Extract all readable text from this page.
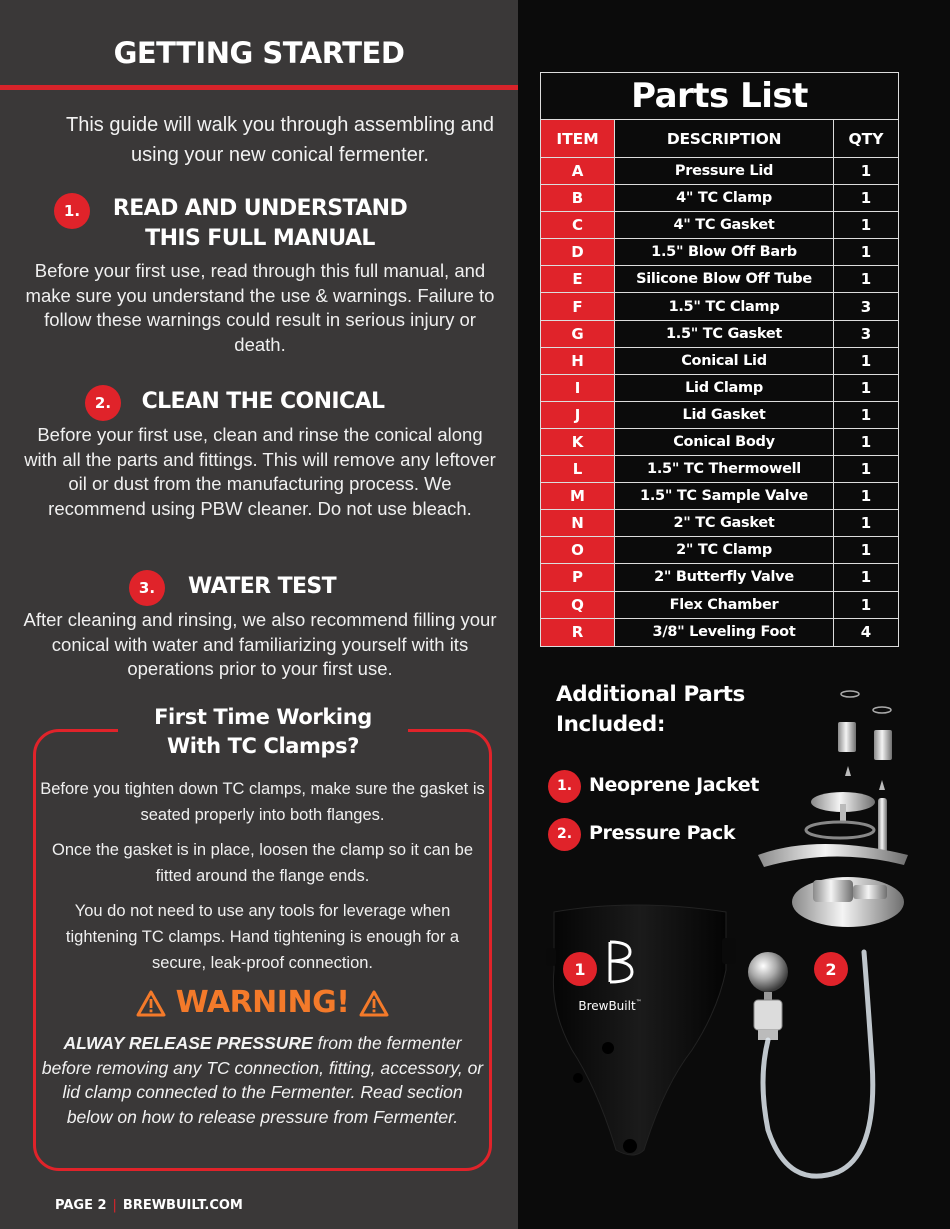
GETTING STARTED
This guide will walk you through assembling and using your new conical fermenter.
1.	READ AND UNDERSTAND
THIS FULL MANUAL
Before your first use, read through this full manual, and make sure you understand the use & warnings. Failure to follow these warnings could result in serious injury or death.
2.	CLEAN THE CONICAL
Before your first use, clean and rinse the conical along with all the parts and fittings. This will remove any leftover oil or dust from the manufacturing process. We recommend using PBW cleaner. Do not use bleach.
3.	WATER TEST
After cleaning and rinsing, we also recommend filling your conical with water and familiarizing yourself with its operations prior to your first use.
First Time Working
With TC Clamps?
Before you tighten down TC clamps, make sure the gasket is seated properly into both flanges.
Once the gasket is in place, loosen the clamp so it can be fitted around the flange ends.
You do not need to use any tools for leverage when tightening TC clamps. Hand tightening is enough for a secure, leak-proof connection.
WARNING!
ALWAY RELEASE PRESSURE from the fermenter before removing any TC connection, fitting, accessory, or lid clamp connected to the Fermenter. Read section below on how to release pressure from Fermenter.
PAGE 2 | BREWBUILT.COM
Parts List
ITEM	DESCRIPTION	QTY
A	Pressure Lid	1
B	4" TC Clamp	1
C	4" TC Gasket	1
D	1.5" Blow Off Barb	1
E	Silicone Blow Off Tube	1
F	1.5" TC Clamp	3
G	1.5" TC Gasket	3
H	Conical Lid	1
I	Lid Clamp	1
J	Lid Gasket	1
K	Conical Body	1
L	1.5" TC Thermowell	1
M	1.5" TC Sample Valve	1
N	2" TC Gasket	1
O	2" TC Clamp	1
P	2" Butterfly Valve	1
Q	Flex Chamber	1
R	3/8" Leveling Foot	4
Additional Parts
Included:
1. Neoprene Jacket
2. Pressure Pack
BrewBuilt™
1	2
